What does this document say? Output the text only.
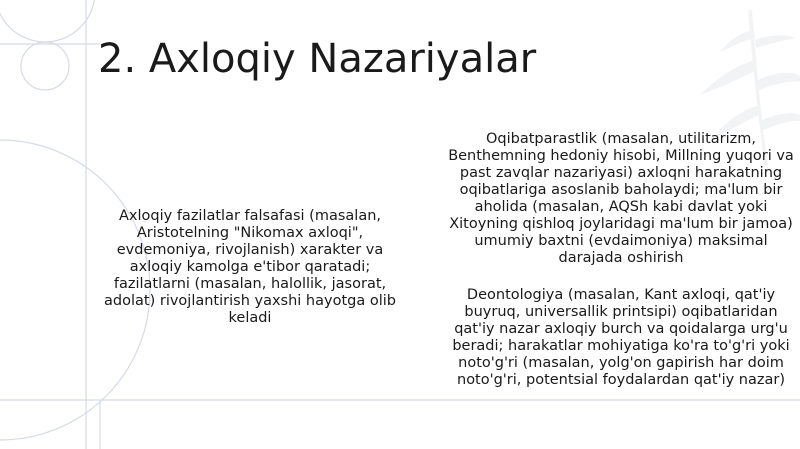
2. Axloqiy Nazariyalar
Axloqiy fazilatlar falsafasi (masalan, Aristotelning "Nikomax axloqi", evdemoniya, rivojlanish) xarakter va axloqiy kamolga e'tibor qaratadi; fazilatlarni (masalan, halollik, jasorat, adolat) rivojlantirish yaxshi hayotga olib keladi
Oqibatparastlik (masalan, utilitarizm, Benthemning hedoniy hisobi, Millning yuqori va past zavqlar nazariyasi) axloqni harakatning oqibatlariga asoslanib baholaydi; ma'lum bir aholida (masalan, AQSh kabi davlat yoki Xitoyning qishloq joylaridagi ma'lum bir jamoa) umumiy baxtni (evdaimoniya) maksimal darajada oshirish
Deontologiya (masalan, Kant axloqi, qat'iy buyruq, universallik printsipi) oqibatlaridan qat'iy nazar axloqiy burch va qoidalarga urg'u beradi; harakatlar mohiyatiga ko'ra to'g'ri yoki noto'g'ri (masalan, yolg'on gapirish har doim noto'g'ri, potentsial foydalardan qat'iy nazar)
